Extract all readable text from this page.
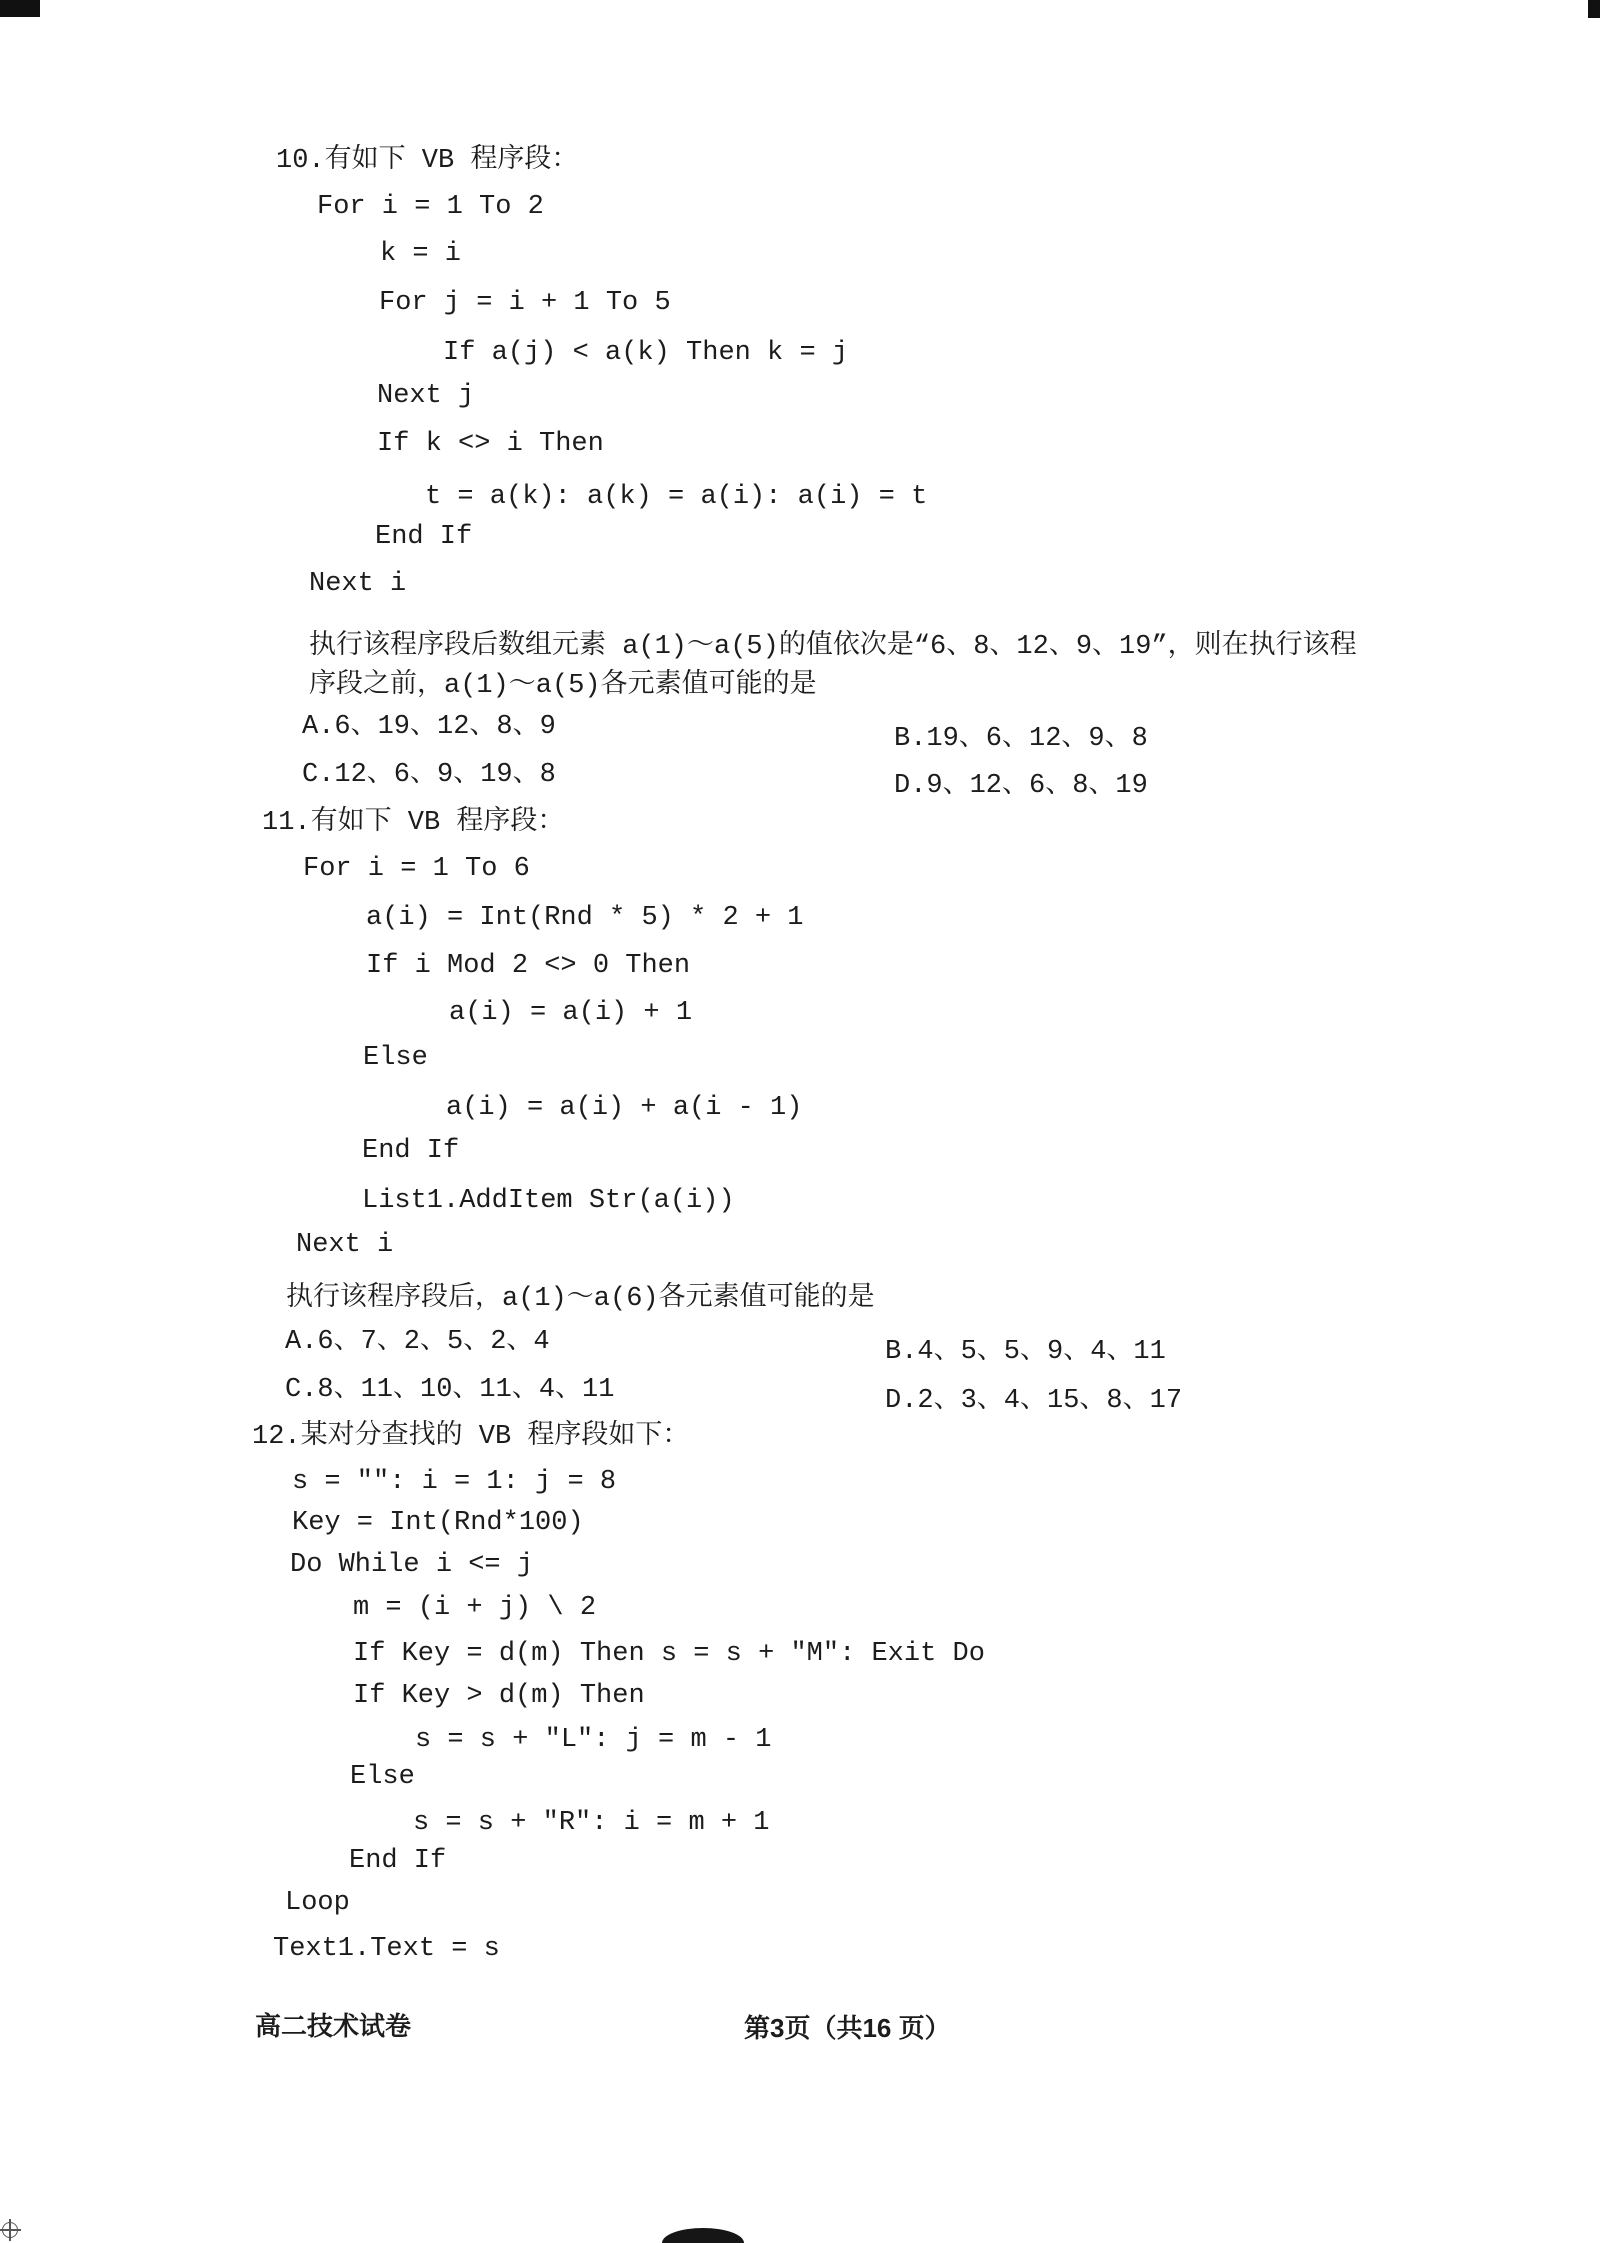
10.有如下 VB 程序段：
For i = 1 To 2
k = i
For j = i + 1 To 5
If a(j) < a(k) Then k = j
Next j
If k <> i Then
t = a(k): a(k) = a(i): a(i) = t
End If
Next i
执行该程序段后数组元素 a(1)～a(5)的值依次是“6、8、12、9、19”，则在执行该程
序段之前，a(1)～a(5)各元素值可能的是
A.6、19、12、8、9	B.19、6、12、9、8
C.12、6、9、19、8	D.9、12、6、8、19
11.有如下 VB 程序段：
For i = 1 To 6
a(i) = Int(Rnd * 5) * 2 + 1
If i Mod 2 <> 0 Then
a(i) = a(i) + 1
Else
a(i) = a(i) + a(i - 1)
End If
List1.AddItem Str(a(i))
Next i
执行该程序段后，a(1)～a(6)各元素值可能的是
A.6、7、2、5、2、4	B.4、5、5、9、4、11
C.8、11、10、11、4、11	D.2、3、4、15、8、17
12.某对分查找的 VB 程序段如下：
s = "": i = 1: j = 8
Key = Int(Rnd*100)
Do While i <= j
m = (i + j) \ 2
If Key = d(m) Then s = s + "M": Exit Do
If Key > d(m) Then
s = s + "L": j = m - 1
Else
s = s + "R": i = m + 1
End If
Loop
Text1.Text = s
高二技术试卷	第3页（共16 页）
